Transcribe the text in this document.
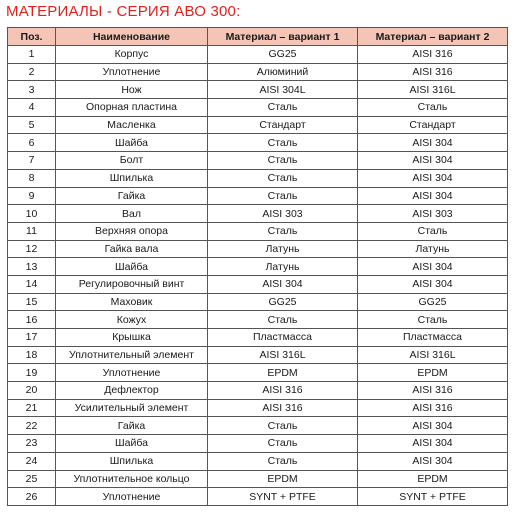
МАТЕРИАЛЫ - СЕРИЯ АВО 300:
Поз.	Наименование	Материал – вариант 1	Материал – вариант 2
1	Корпус	GG25	AISI 316
2	Уплотнение	Алюминий	AISI 316
3	Нож	AISI 304L	AISI 316L
4	Опорная пластина	Сталь	Сталь
5	Масленка	Стандарт	Стандарт
6	Шайба	Сталь	AISI 304
7	Болт	Сталь	AISI 304
8	Шпилька	Сталь	AISI 304
9	Гайка	Сталь	AISI 304
10	Вал	AISI 303	AISI 303
11	Верхняя опора	Сталь	Сталь
12	Гайка вала	Латунь	Латунь
13	Шайба	Латунь	AISI 304
14	Регулировочный винт	AISI 304	AISI 304
15	Маховик	GG25	GG25
16	Кожух	Сталь	Сталь
17	Крышка	Пластмасса	Пластмасса
18	Уплотнительный элемент	AISI 316L	AISI 316L
19	Уплотнение	EPDM	EPDM
20	Дефлектор	AISI 316	AISI 316
21	Усилительный элемент	AISI 316	AISI 316
22	Гайка	Сталь	AISI 304
23	Шайба	Сталь	AISI 304
24	Шпилька	Сталь	AISI 304
25	Уплотнительное кольцо	EPDM	EPDM
26	Уплотнение	SYNT + PTFE	SYNT + PTFE
